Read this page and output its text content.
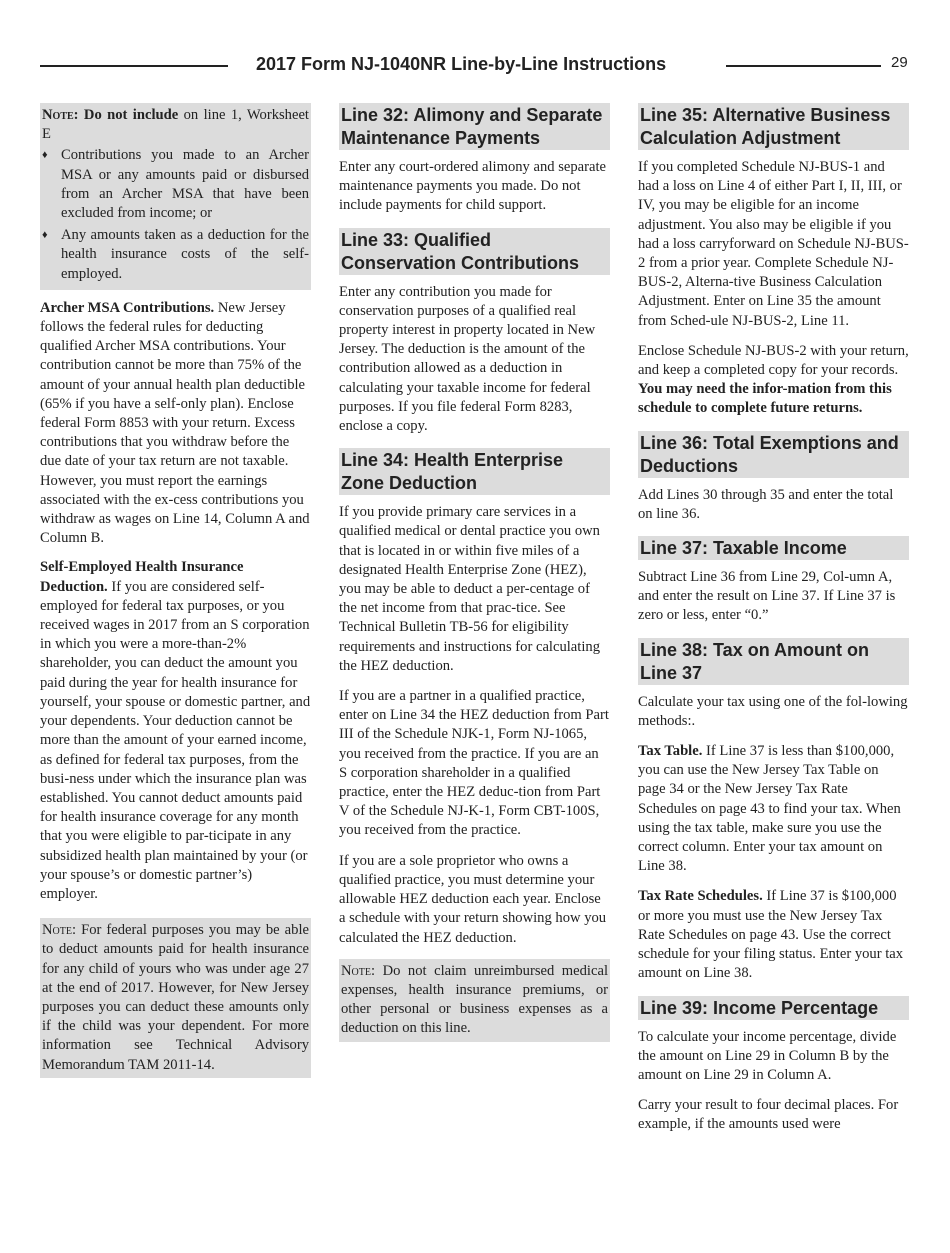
2017 Form NJ-1040NR Line-by-Line Instructions	29

Note: Do not include on line 1, Worksheet E

♦ Contributions you made to an Archer MSA or any amounts paid or disbursed from an Archer MSA that have been excluded from income; or
♦ Any amounts taken as a deduction for the health insurance costs of the self-employed.

Archer MSA Contributions. New Jersey follows the federal rules for deducting qualified Archer MSA contributions. Your contribution cannot be more than 75% of the amount of your annual health plan deductible (65% if you have a self-only plan). Enclose federal Form 8853 with your return. Excess contributions that you withdraw before the due date of your tax return are not taxable. However, you must report the earnings associated with the ex-cess contributions you withdraw as wages on Line 14, Column A and Column B.

Self-Employed Health Insurance Deduction. If you are considered self-employed for federal tax purposes, or you received wages in 2017 from an S corporation in which you were a more-than-2% shareholder, you can deduct the amount you paid during the year for health insurance for yourself, your spouse or domestic partner, and your dependents. Your deduction cannot be more than the amount of your earned income, as defined for federal tax purposes, from the busi-ness under which the insurance plan was established. You cannot deduct amounts paid for health insurance coverage for any month that you were eligible to par-ticipate in any subsidized health plan maintained by your (or your spouse’s or domestic partner’s) employer.

Note: For federal purposes you may be able to deduct amounts paid for health insurance for any child of yours who was under age 27 at the end of 2017. However, for New Jersey purposes you can deduct these amounts only if the child was your dependent. For more information see Technical Advisory Memorandum TAM 2011-14.
Line 32: Alimony and Separate Maintenance Payments

Enter any court-ordered alimony and separate maintenance payments you made. Do not include payments for child support.

Line 33: Qualified Conservation Contributions

Enter any contribution you made for conservation purposes of a qualified real property interest in property located in New Jersey. The deduction is the amount of the contribution allowed as a deduction in calculating your taxable income for federal purposes. If you file federal Form 8283, enclose a copy.

Line 34: Health Enterprise Zone Deduction

If you provide primary care services in a qualified medical or dental practice you own that is located in or within five miles of a designated Health Enterprise Zone (HEZ), you may be able to deduct a per-centage of the net income from that prac-tice. See Technical Bulletin TB-56 for eligibility requirements and instructions for calculating the HEZ deduction.

If you are a partner in a qualified practice, enter on Line 34 the HEZ deduction from Part III of the Schedule NJK-1, Form NJ-1065, you received from the practice. If you are an S corporation shareholder in a qualified practice, enter the HEZ deduc-tion from Part V of the Schedule NJ-K-1, Form CBT-100S, you received from the practice.

If you are a sole proprietor who owns a qualified practice, you must determine your allowable HEZ deduction each year. Enclose a schedule with your return showing how you calculated the HEZ deduction.

Note: Do not claim unreimbursed medical expenses, health insurance premiums, or other personal or business expenses as a deduction on this line.
Line 35: Alternative Business Calculation Adjustment

If you completed Schedule NJ-BUS-1 and had a loss on Line 4 of either Part I, II, III, or IV, you may be eligible for an income adjustment. You also may be eligible if you had a loss carryforward on Schedule NJ-BUS-2 from a prior year. Complete Schedule NJ-BUS-2, Alterna-tive Business Calculation Adjustment. Enter on Line 35 the amount from Sched-ule NJ-BUS-2, Line 11.

Enclose Schedule NJ-BUS-2 with your return, and keep a completed copy for your records. You may need the infor-mation from this schedule to complete future returns.

Line 36: Total Exemptions and Deductions

Add Lines 30 through 35 and enter the total on line 36.

Line 37: Taxable Income

Subtract Line 36 from Line 29, Col-umn A, and enter the result on Line 37. If Line 37 is zero or less, enter “0.”

Line 38: Tax on Amount on Line 37

Calculate your tax using one of the fol-lowing methods:.

Tax Table. If Line 37 is less than $100,000, you can use the New Jersey Tax Table on page 34 or the New Jersey Tax Rate Schedules on page 43 to find your tax. When using the tax table, make sure you use the correct column. Enter your tax amount on Line 38.

Tax Rate Schedules. If Line 37 is $100,000 or more you must use the New Jersey Tax Rate Schedules on page 43. Use the correct schedule for your filing status. Enter your tax amount on Line 38.

Line 39: Income Percentage

To calculate your income percentage, divide the amount on Line 29 in Column B by the amount on Line 29 in Column A.

Carry your result to four decimal places. For example, if the amounts used were
